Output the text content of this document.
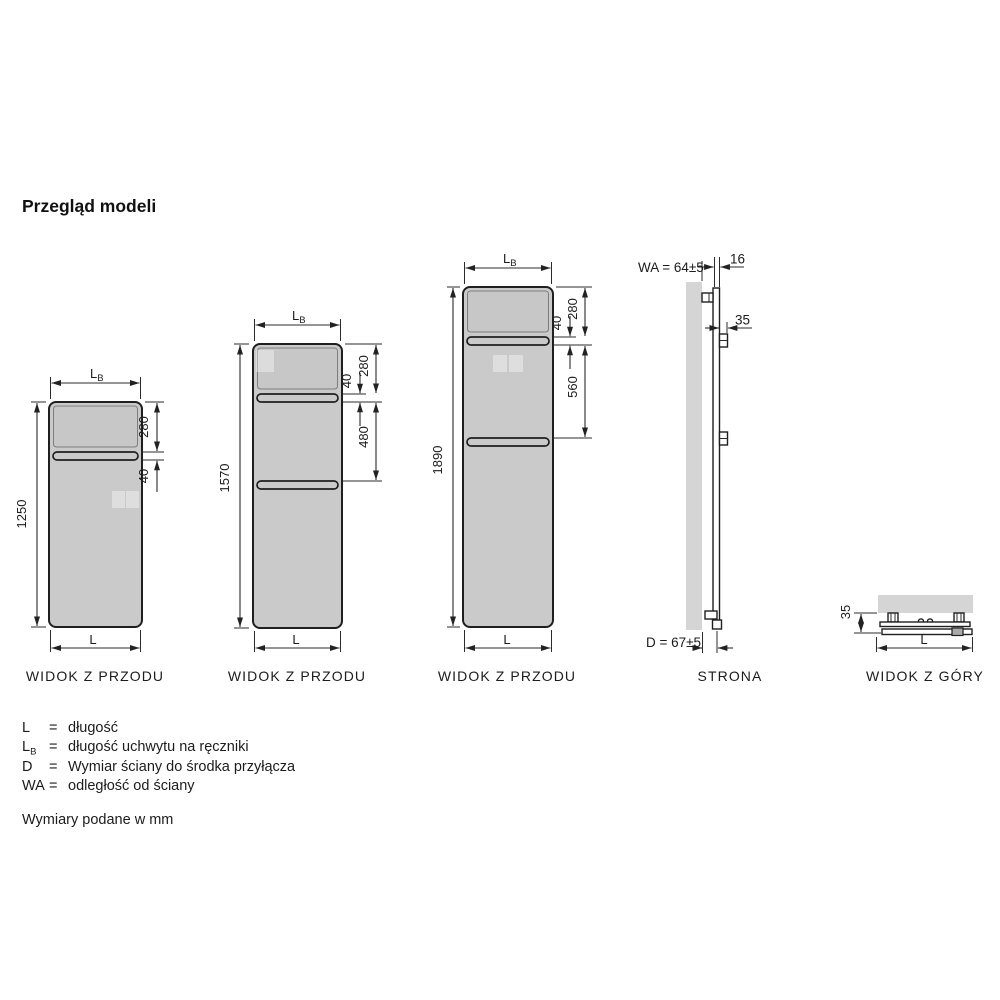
Przegląd modeli
$L_B$
1250
280
40
L
WIDOK Z PRZODU
$L_B$
1570
40
280
480
L
WIDOK Z PRZODU
$L_B$
1890
40
280
560
L
WIDOK Z PRZODU
WA = 64±5
16
35
D = 67±5
STRONA
35
L
WIDOK Z GÓRY
L = długość
$L_B$ = długość uchwytu na ręczniki
D = Wymiar ściany do środka przyłącza
WA = odległość od ściany
Wymiary podane w mm
